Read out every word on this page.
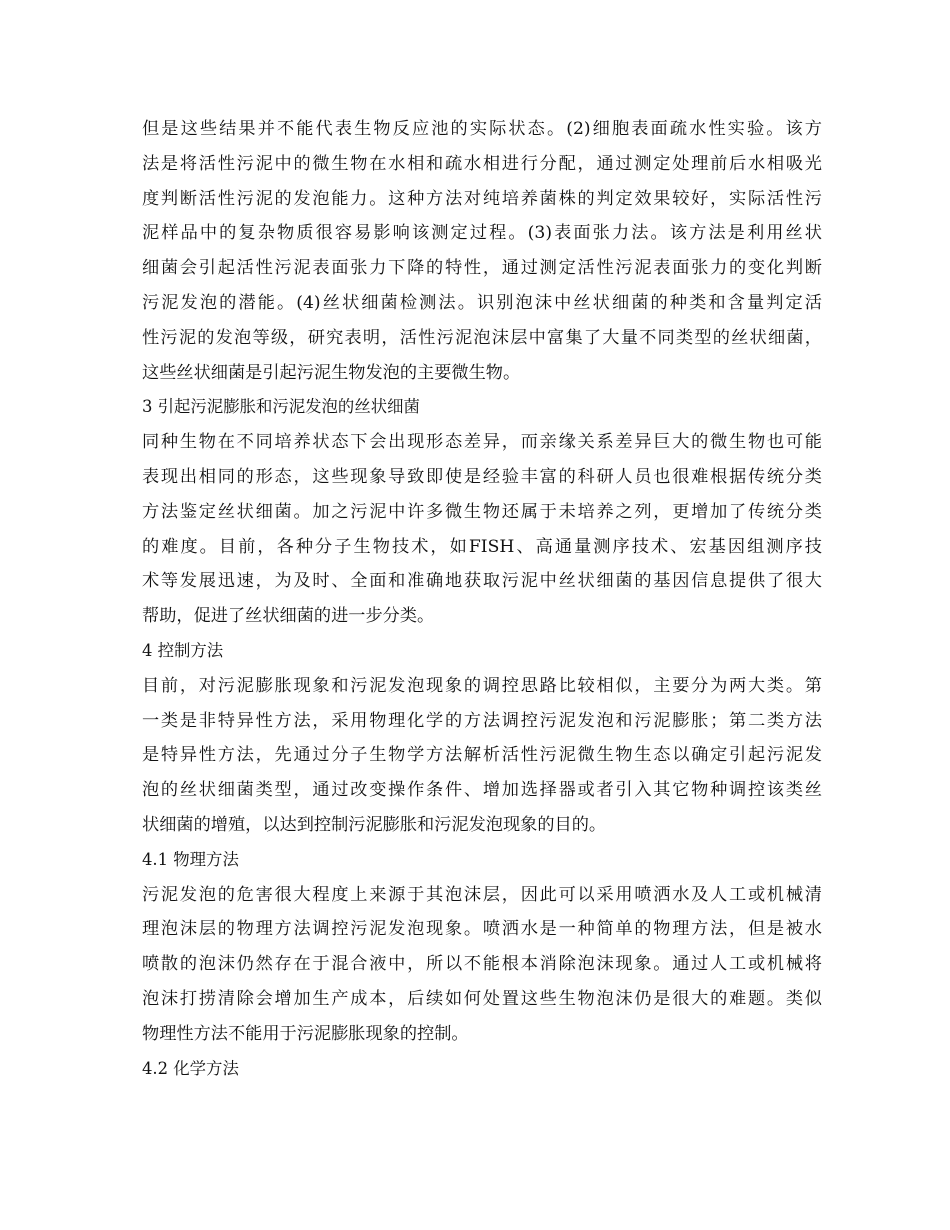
但是这些结果并不能代表生物反应池的实际状态。(2)细胞表面疏水性实验。该方
法是将活性污泥中的微生物在水相和疏水相进行分配，通过测定处理前后水相吸光
度判断活性污泥的发泡能力。这种方法对纯培养菌株的判定效果较好，实际活性污
泥样品中的复杂物质很容易影响该测定过程。(3)表面张力法。该方法是利用丝状
细菌会引起活性污泥表面张力下降的特性，通过测定活性污泥表面张力的变化判断
污泥发泡的潜能。(4)丝状细菌检测法。识别泡沫中丝状细菌的种类和含量判定活
性污泥的发泡等级，研究表明，活性污泥泡沫层中富集了大量不同类型的丝状细菌，
这些丝状细菌是引起污泥生物发泡的主要微生物。
3 引起污泥膨胀和污泥发泡的丝状细菌
同种生物在不同培养状态下会出现形态差异，而亲缘关系差异巨大的微生物也可能
表现出相同的形态，这些现象导致即使是经验丰富的科研人员也很难根据传统分类
方法鉴定丝状细菌。加之污泥中许多微生物还属于未培养之列，更增加了传统分类
的难度。目前，各种分子生物技术，如FISH、高通量测序技术、宏基因组测序技
术等发展迅速，为及时、全面和准确地获取污泥中丝状细菌的基因信息提供了很大
帮助，促进了丝状细菌的进一步分类。
4 控制方法
目前，对污泥膨胀现象和污泥发泡现象的调控思路比较相似，主要分为两大类。第
一类是非特异性方法，采用物理化学的方法调控污泥发泡和污泥膨胀；第二类方法
是特异性方法，先通过分子生物学方法解析活性污泥微生物生态以确定引起污泥发
泡的丝状细菌类型，通过改变操作条件、增加选择器或者引入其它物种调控该类丝
状细菌的增殖，以达到控制污泥膨胀和污泥发泡现象的目的。
4.1 物理方法
污泥发泡的危害很大程度上来源于其泡沫层，因此可以采用喷洒水及人工或机械清
理泡沫层的物理方法调控污泥发泡现象。喷洒水是一种简单的物理方法，但是被水
喷散的泡沫仍然存在于混合液中，所以不能根本消除泡沫现象。通过人工或机械将
泡沫打捞清除会增加生产成本，后续如何处置这些生物泡沫仍是很大的难题。类似
物理性方法不能用于污泥膨胀现象的控制。
4.2 化学方法
